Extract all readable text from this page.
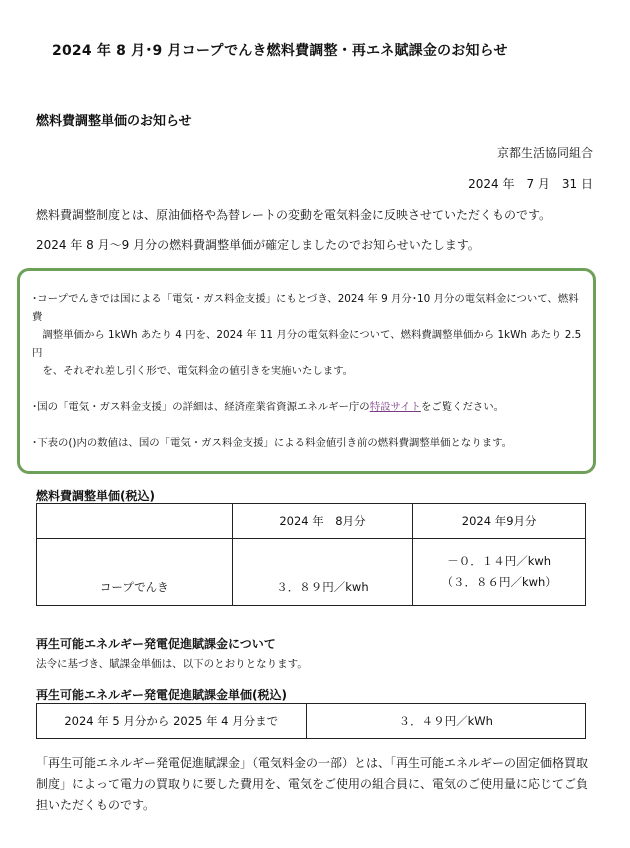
2024 年 8 月･9 月コープでんき燃料費調整・再エネ賦課金のお知らせ
燃料費調整単価のお知らせ
京都生活協同組合
2024 年　7 月　31 日
燃料費調整制度とは、原油価格や為替レートの変動を電気料金に反映させていただくものです。
2024 年 8 月～9 月分の燃料費調整単価が確定しましたのでお知らせいたします。

･コープでんきでは国による「電気・ガス料金支援」にもとづき、2024 年 9 月分･10 月分の電気料金について、燃料費

　調整単価から 1kWh あたり 4 円を、2024 年 11 月分の電気料金について、燃料費調整単価から 1kWh あたり 2.5 円

　を、それぞれ差し引く形で、電気料金の値引きを実施いたします。

･国の「電気・ガス料金支援」の詳細は、経済産業省資源エネルギー庁の特設サイトをご覧ください。

･下表の()内の数値は、国の「電気・ガス料金支援」による料金値引き前の燃料費調整単価となります。

燃料費調整単価(税込)
	2024 年　8月分	2024 年9月分
コープでんき	３．８９円／kwh	－０．１４円／kwh
（３．８６円／kwh）
再生可能エネルギー発電促進賦課金について
法令に基づき、賦課金単価は、以下のとおりとなります。
再生可能エネルギー発電促進賦課金単価(税込)
2024 年 5 月分から 2025 年 4 月分まで	３．４９円／kWh
「再生可能エネルギー発電促進賦課金」（電気料金の一部）とは、「再生可能エネルギーの固定価格買取制度」によって電力の買取りに要した費用を、電気をご使用の組合員に、電気のご使用量に応じてご負担いただくものです。
